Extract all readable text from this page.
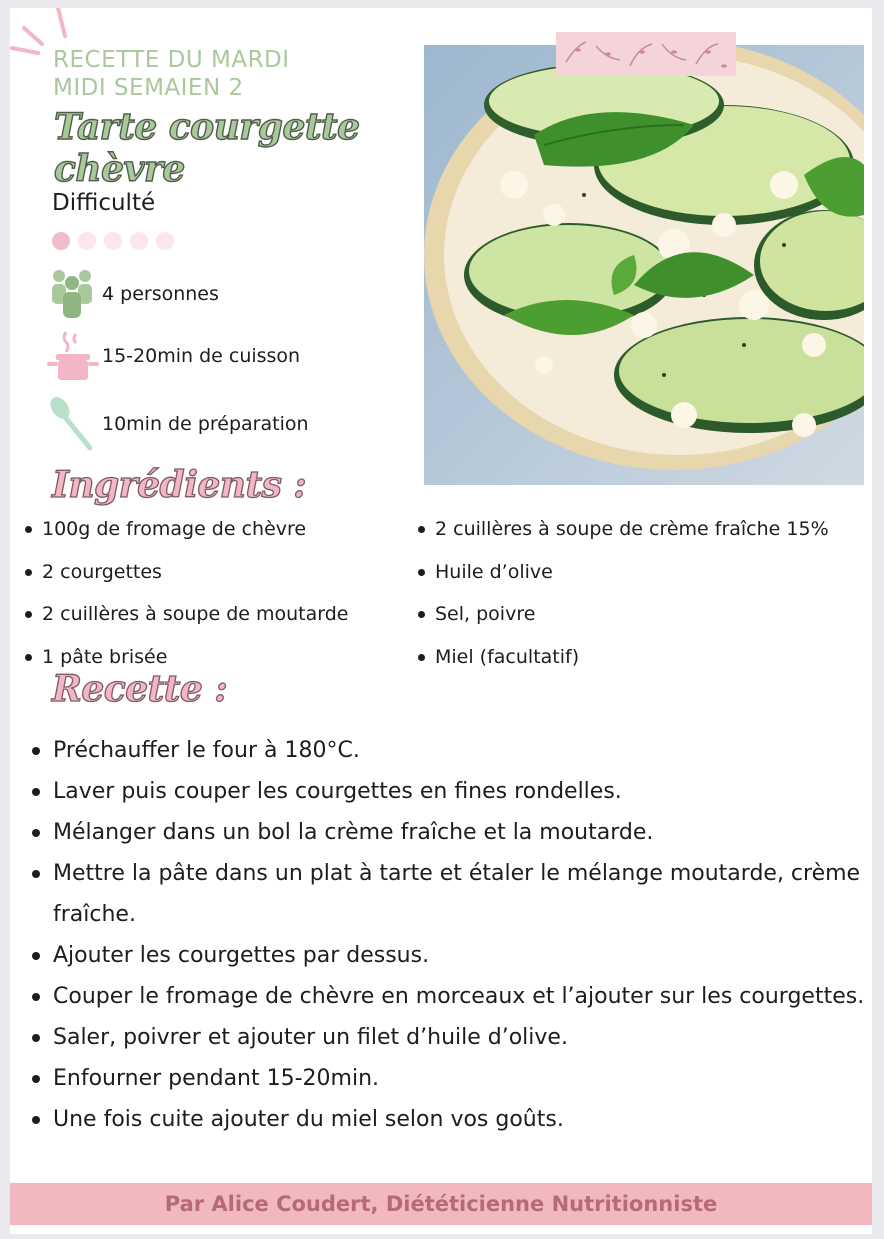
RECETTE DU MARDI
MIDI SEMAIEN 2
Tarte courgette
chèvre
Difficulté
4 personnes
15-20min de cuisson
10min de préparation
Ingrédients :
100g de fromage de chèvre
2 courgettes
2 cuillères à soupe de moutarde
1 pâte brisée
2 cuillères à soupe de crème fraîche 15%
Huile d’olive
Sel, poivre
Miel (facultatif)
Recette :
Préchauffer le four à 180°C.
Laver puis couper les courgettes en fines rondelles.
Mélanger dans un bol la crème fraîche et la moutarde.
Mettre la pâte dans un plat à tarte et étaler le mélange moutarde, crème fraîche.
Ajouter les courgettes par dessus.
Couper le fromage de chèvre en morceaux et l’ajouter sur les courgettes.
Saler, poivrer et ajouter un filet d’huile d’olive.
Enfourner pendant 15-20min.
Une fois cuite ajouter du miel selon vos goûts.
Par Alice Coudert, Diététicienne Nutritionniste
